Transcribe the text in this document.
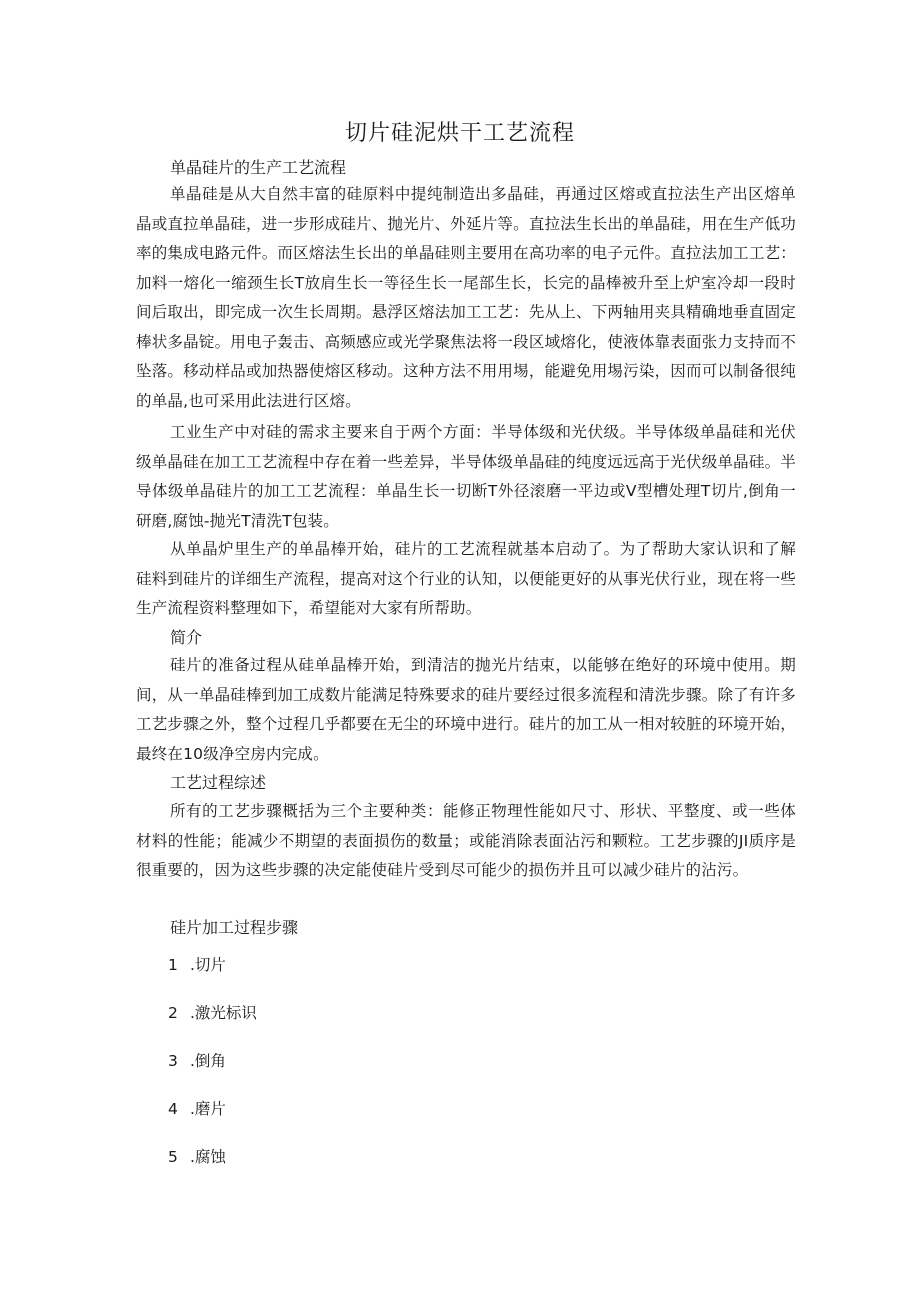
切片硅泥烘干工艺流程
单晶硅片的生产工艺流程
单晶硅是从大自然丰富的硅原料中提纯制造出多晶硅，再通过区熔或直拉法生产出区熔单晶或直拉单晶硅，进一步形成硅片、抛光片、外延片等。直拉法生长出的单晶硅，用在生产低功率的集成电路元件。而区熔法生长出的单晶硅则主要用在高功率的电子元件。直拉法加工工艺：加料一熔化一缩颈生长T放肩生长一等径生长一尾部生长，长完的晶棒被升至上炉室冷却一段时间后取出，即完成一次生长周期。悬浮区熔法加工工艺：先从上、下两轴用夹具精确地垂直固定棒状多晶锭。用电子轰击、高频感应或光学聚焦法将一段区域熔化，使液体靠表面张力支持而不坠落。移动样品或加热器使熔区移动。这种方法不用用埸，能避免用埸污染，因而可以制备很纯的单晶,也可采用此法进行区熔。
工业生产中对硅的需求主要来自于两个方面：半导体级和光伏级。半导体级单晶硅和光伏级单晶硅在加工工艺流程中存在着一些差异，半导体级单晶硅的纯度远远高于光伏级单晶硅。半导体级单晶硅片的加工工艺流程：单晶生长一切断T外径滚磨一平边或V型槽处理T切片,倒角一研磨,腐蚀-抛光T清洗T包装。
从单晶炉里生产的单晶棒开始，硅片的工艺流程就基本启动了。为了帮助大家认识和了解硅料到硅片的详细生产流程，提高对这个行业的认知，以便能更好的从事光伏行业，现在将一些生产流程资料整理如下，希望能对大家有所帮助。
简介
硅片的准备过程从硅单晶棒开始，到清洁的抛光片结束，以能够在绝好的环境中使用。期间，从一单晶硅棒到加工成数片能满足特殊要求的硅片要经过很多流程和清洗步骤。除了有许多工艺步骤之外，整个过程几乎都要在无尘的环境中进行。硅片的加工从一相对较脏的环境开始，最终在10级净空房内完成。
工艺过程综述
所有的工艺步骤概括为三个主要种类：能修正物理性能如尺寸、形状、平整度、或一些体材料的性能；能减少不期望的表面损伤的数量；或能消除表面沾污和颗粒。工艺步骤的JI质序是很重要的，因为这些步骤的决定能使硅片受到尽可能少的损伤并且可以减少硅片的沾污。
硅片加工过程步骤
1 .切片
2 .激光标识
3 .倒角
4 .磨片
5 .腐蚀
